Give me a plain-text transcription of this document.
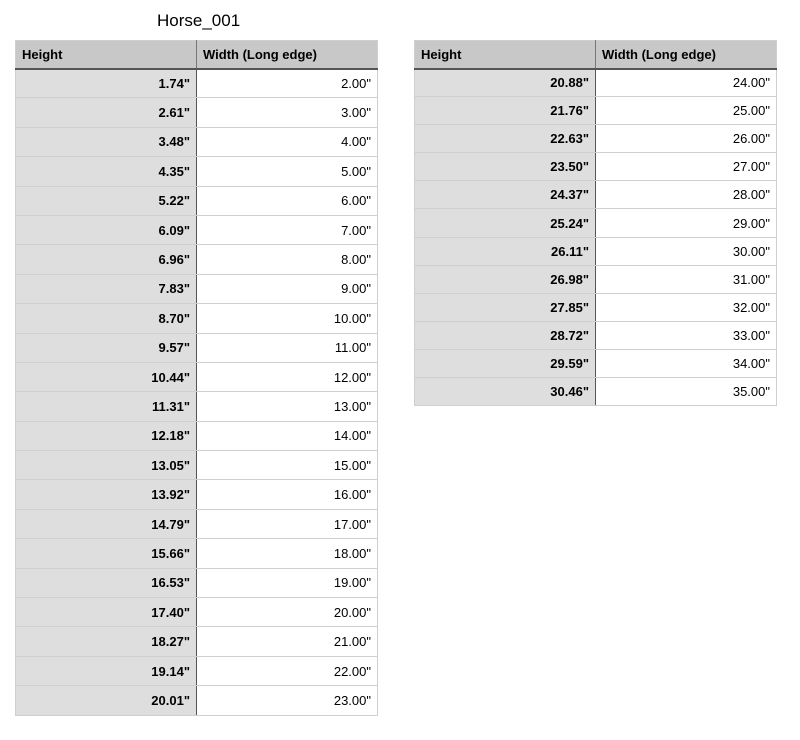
Horse_001
Height	Width (Long edge)
1.74"	2.00"
2.61"	3.00"
3.48"	4.00"
4.35"	5.00"
5.22"	6.00"
6.09"	7.00"
6.96"	8.00"
7.83"	9.00"
8.70"	10.00"
9.57"	11.00"
10.44"	12.00"
11.31"	13.00"
12.18"	14.00"
13.05"	15.00"
13.92"	16.00"
14.79"	17.00"
15.66"	18.00"
16.53"	19.00"
17.40"	20.00"
18.27"	21.00"
19.14"	22.00"
20.01"	23.00"
Height	Width (Long edge)
20.88"	24.00"
21.76"	25.00"
22.63"	26.00"
23.50"	27.00"
24.37"	28.00"
25.24"	29.00"
26.11"	30.00"
26.98"	31.00"
27.85"	32.00"
28.72"	33.00"
29.59"	34.00"
30.46"	35.00"
